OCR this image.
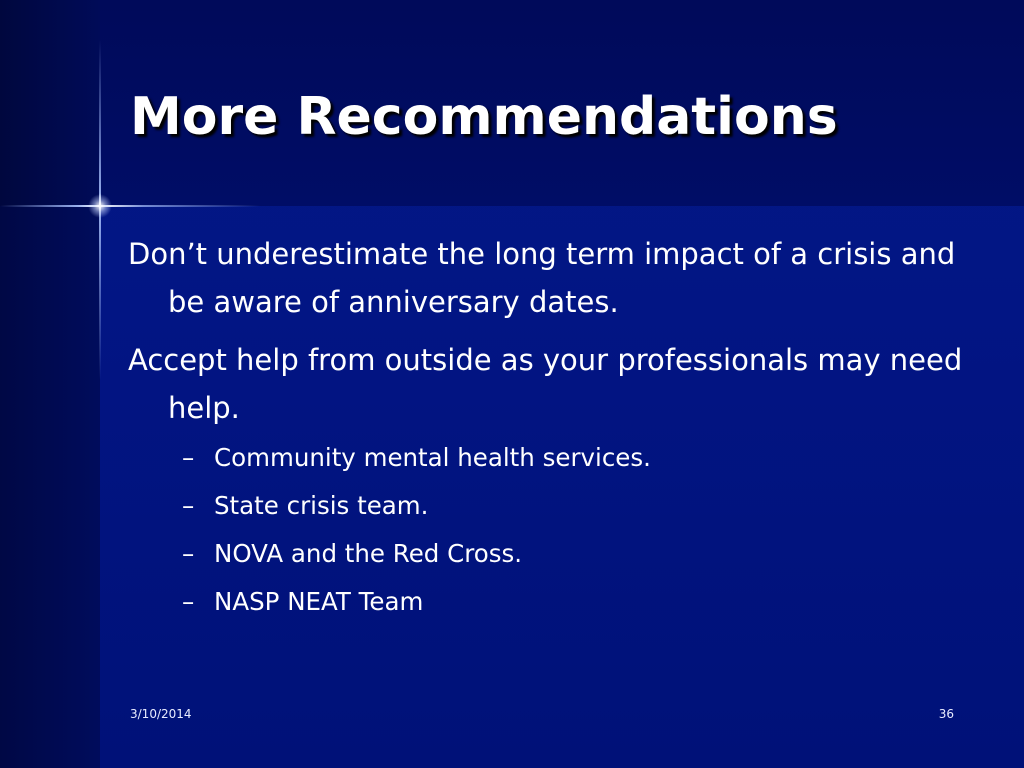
More Recommendations

Don’t underestimate the long term impact of a crisis and be aware of anniversary dates.

Accept help from outside as your professionals may need help.

– Community mental health services.
– State crisis team.
– NOVA and the Red Cross.
– NASP NEAT Team
3/10/2014	36
